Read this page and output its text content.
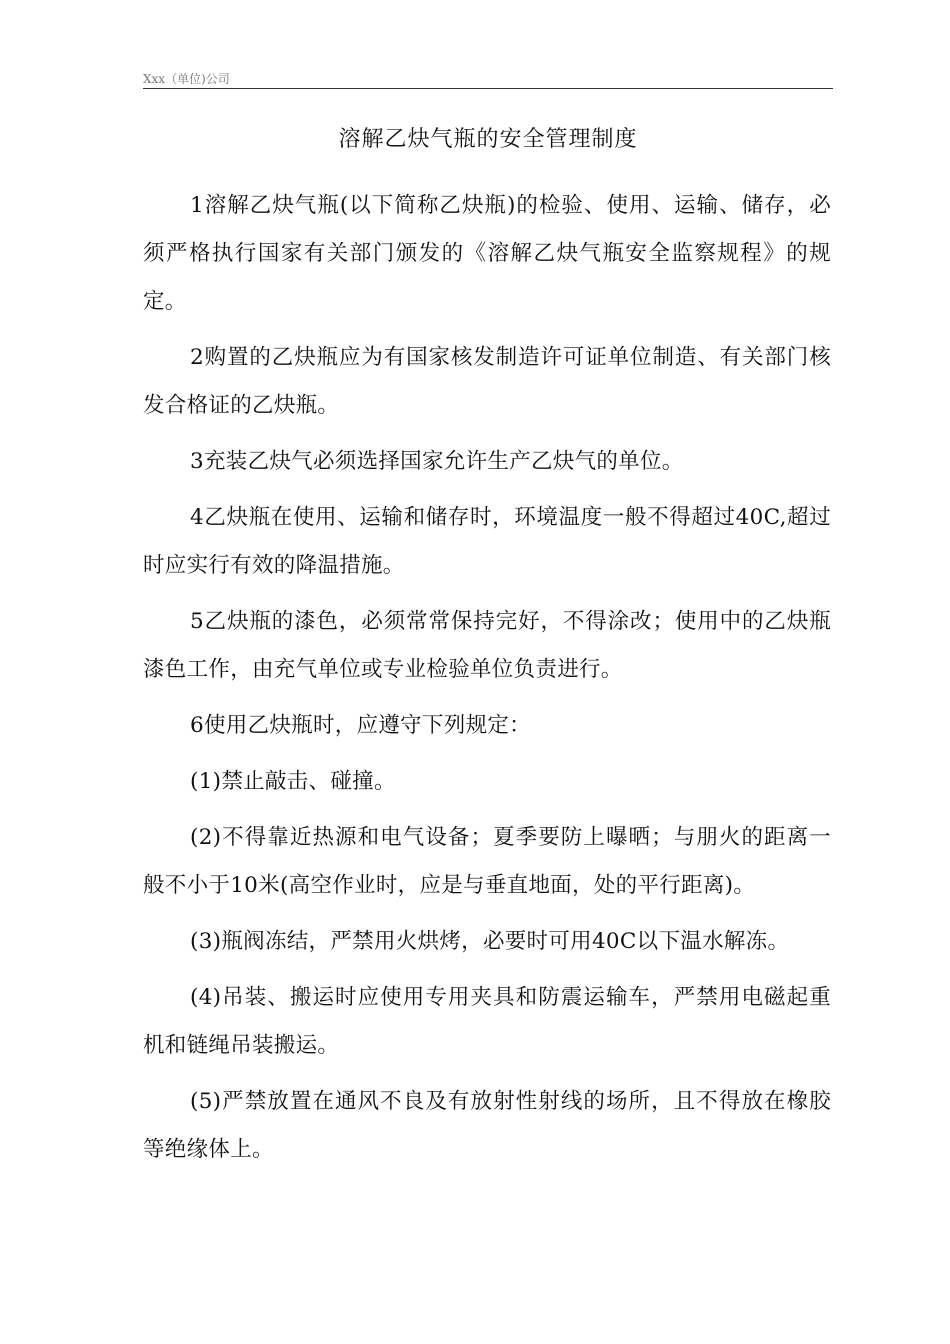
Xxx（单位)公司
溶解乙炔气瓶的安全管理制度

1溶解乙炔气瓶(以下简称乙炔瓶)的检验、使用、运输、储存，必须严格执行国家有关部门颁发的《溶解乙炔气瓶安全监察规程》的规定。

2购置的乙炔瓶应为有国家核发制造许可证单位制造、有关部门核发合格证的乙炔瓶。

3充装乙炔气必须选择国家允许生产乙炔气的单位。

4乙炔瓶在使用、运输和储存时，环境温度一般不得超过40C,超过时应实行有效的降温措施。

5乙炔瓶的漆色，必须常常保持完好，不得涂改；使用中的乙炔瓶漆色工作，由充气单位或专业检验单位负责进行。

6使用乙炔瓶时，应遵守下列规定：

(1)禁止敲击、碰撞。

(2)不得靠近热源和电气设备；夏季要防上曝晒；与朋火的距离一般不小于10米(高空作业时，应是与垂直地面，处的平行距离)。

(3)瓶阀冻结，严禁用火烘烤，必要时可用40C以下温水解冻。

(4)吊装、搬运时应使用专用夹具和防震运输车，严禁用电磁起重机和链绳吊装搬运。

(5)严禁放置在通风不良及有放射性射线的场所，且不得放在橡胶等绝缘体上。
